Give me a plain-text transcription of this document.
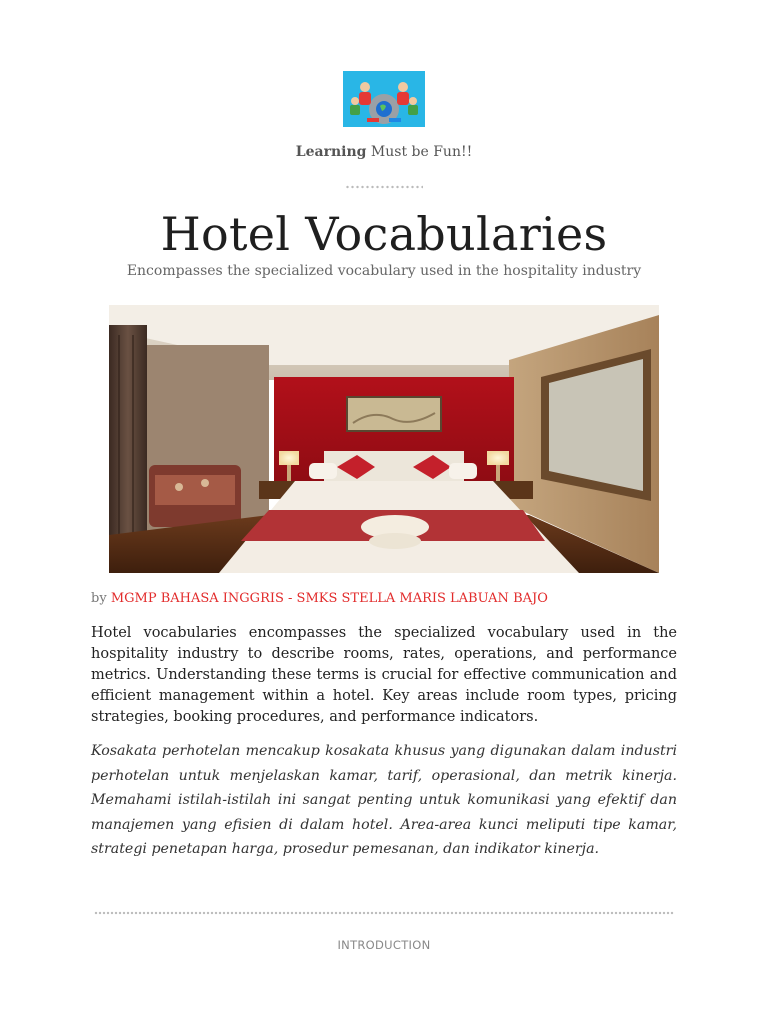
Learning Must be Fun!!
Hotel Vocabularies
Encompasses the specialized vocabulary used in the hospitality industry
by MGMP BAHASA INGGRIS - SMKS STELLA MARIS LABUAN BAJO

Hotel vocabularies encompasses the specialized vocabulary used in the hospitality industry to describe rooms, rates, operations, and performance metrics. Understanding these terms is crucial for effective communication and efficient management within a hotel. Key areas include room types, pricing strategies, booking procedures, and performance indicators.

Kosakata perhotelan mencakup kosakata khusus yang digunakan dalam industri perhotelan untuk menjelaskan kamar, tarif, operasional, dan metrik kinerja. Memahami istilah-istilah ini sangat penting untuk komunikasi yang efektif dan manajemen yang efisien di dalam hotel. Area-area kunci meliputi tipe kamar, strategi penetapan harga, prosedur pemesanan, dan indikator kinerja.

INTRODUCTION
